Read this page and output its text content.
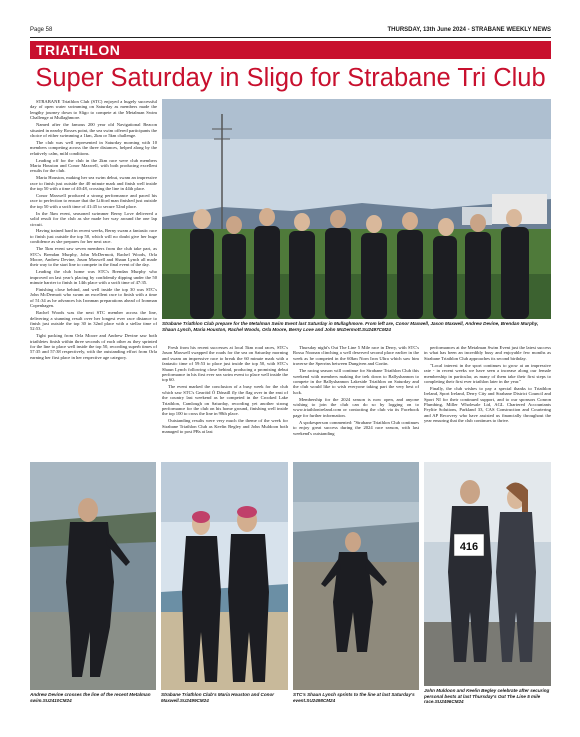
Page 58	THURSDAY, 13th June 2024 - STRABANE WEEKLY NEWS
TRIATHLON
Super Saturday in Sligo for Strabane Tri Club

STRABANE Triathlon Club (STC) enjoyed a hugely successful day of open water swimming on Saturday as members made the lengthy journey down to Sligo to compete at the Metalman Swim Challenge at Mullaghmore.

Named after the famous 200 year old Navigational Beacon situated in nearby Rosses point, the sea swim offered participants the choice of either swimming a 1km, 2km or 5km challenge.

The club was well represented in Saturday morning with 10 members competing across the three distances, helped along by the relatively calm, mild conditions.

Leading off for the club in the 2km race were club members Maria Houston and Conor Maxwell, with both producing excellent results for the club.

Maria Houston, making her sea swim debut, swam an impressive race to finish just outside the 40 minute mark and finish well inside the top 50 with a time of 40:48, crossing the line in 44th place.

Conor Maxwell produced a strong performance and paced his race to perfection to ensure that the Lifford man finished just outside the top 50 with a swift time of 41:45 to secure 52nd place.

In the 5km event, seasoned swimmer Berny Love delivered a solid result for the club as she made her way around the one lap circuit.

Having trained hard in recent weeks, Berny swam a fantastic race to finish just outside the top 50, which will no doubt give her huge confidence as she prepares for her next race.

The 5km event saw seven members from the club take part, as STC's Brendan Murphy, John McDermott, Rachel Woods, Orla Moore, Andrew Devine, Jason Maxwell and Shaun Lynch all made their way to the start line to compete in the final event of the day.

Leading the club home was STC's Brendan Murphy who improved on last year's placing by confidently dipping under the 50 minute barrier to finish in 14th place with a swift time of 47:35.

Finishing close behind, and well inside the top 30 was STC's John McDermott who swam an excellent race to finish with a time of 51:34 as he advances his Ironman preparations ahead of Ironman Copenhagen.

Rachel Woods was the next STC member across the line, delivering a stunning result over her longest ever race distance to finish just outside the top 30 in 32nd place with a stellar time of 52:53.

Tight packing from Orla Moore and Andrew Devine saw both triathletes finish within three seconds of each other as they sprinted for the line to place well inside the top 50, recording superb times of 57:35 and 57:38 respectively, with the outstanding effort from Orla earning her first place in her respective age category.

Strabane Triathlon Club prepare for the Metalman Swim Event last Saturday in Mullaghmore. From left are, Conor Maxwell, Jason Maxwell, Andrew Devine, Brendan Murphy, Shaun Lynch, Maria Houston, Rachel Woods, Orla Moore, Berny Love and John McDermott.SU2497CM24

Fresh from his recent successes at local 5km road races, STC's Jason Maxwell swapped the roads for the sea on Saturday morning and swam an impressive race to break the 60 minute mark with a fantastic time of 59:53 to place just inside the top 50, with STC's Shaun Lynch following close behind, producing a promising debut performance in his first ever sea swim event to place well inside the top 60.

The event marked the conclusion of a busy week for the club which saw STC's Gearóid Ó Dónaill fly the flag over in the east of the country last weekend as he competed in the Crooked Lake Triathlon, Camlough on Saturday, recording yet another strong performance for the club on his home ground, finishing well inside the top 100 to cross the line in 98th place.

Outstanding results were very much the theme of the week for Strabane Triathlon Club as Keelin Begley and John Muldoon both managed to post PBs at last

Thursday night's Out The Line 5 Mile race in Derry, with STC's Rossa Noonan clinching a well deserved second place earlier in the week as he competed in the 60km Norn Iron Ultra which saw him traverse the Sperrins between Dungiven and Gortin.

The racing season will continue for Strabane Triathlon Club this weekend with members making the trek down to Ballyshannon to compete in the Ballyshannon Lakeside Triathlon on Saturday and the club would like to wish everyone taking part the very best of luck.

Membership for the 2024 season is now open, and anyone wishing to join the club can do so by logging on to www.triathlonireland.com or contacting the club via its Facebook page for further information.

A spokesperson commented: "Strabane Triathlon Club continues to enjoy great success during the 2024 race season, with last weekend's outstanding

performances at the Metalman Swim Event just the latest success in what has been an incredibly busy and enjoyable few months as Strabane Triathlon Club approaches its second birthday.

"Local interest in the sport continues to grow at an impressive rate - in recent weeks we have seen a increase along our female membership in particular, as many of them take their first steps to completing their first ever triathlon later in the year."

Finally, the club wishes to pay a special thanks to Triathlon Ireland, Sport Ireland, Derry City and Strabane District Council and Sport NI for their continued support, and to our sponsors Conron Plumbing, Miller Wholesale Ltd, AGL Chartered Accountants Feylite Solutions, Parkland 33, CAS Construction and Couriering and AP Recovery who have assisted us financially throughout the year ensuring that the club continues to thrive.

Andrew Devine crosses the line of the recent Metalman swim.SU2410CM24
Strabane Triathlon Club's Maria Houston and Conor Maxwell.SU2499CM24
STC's Shaun Lynch sprints to the line at last Saturday's event.SU2498CM24
416
John Muldoon and Keelin Begley celebrate after securing personal bests at last Thursday's Out The Line 5 mile race.SU2496CM24
